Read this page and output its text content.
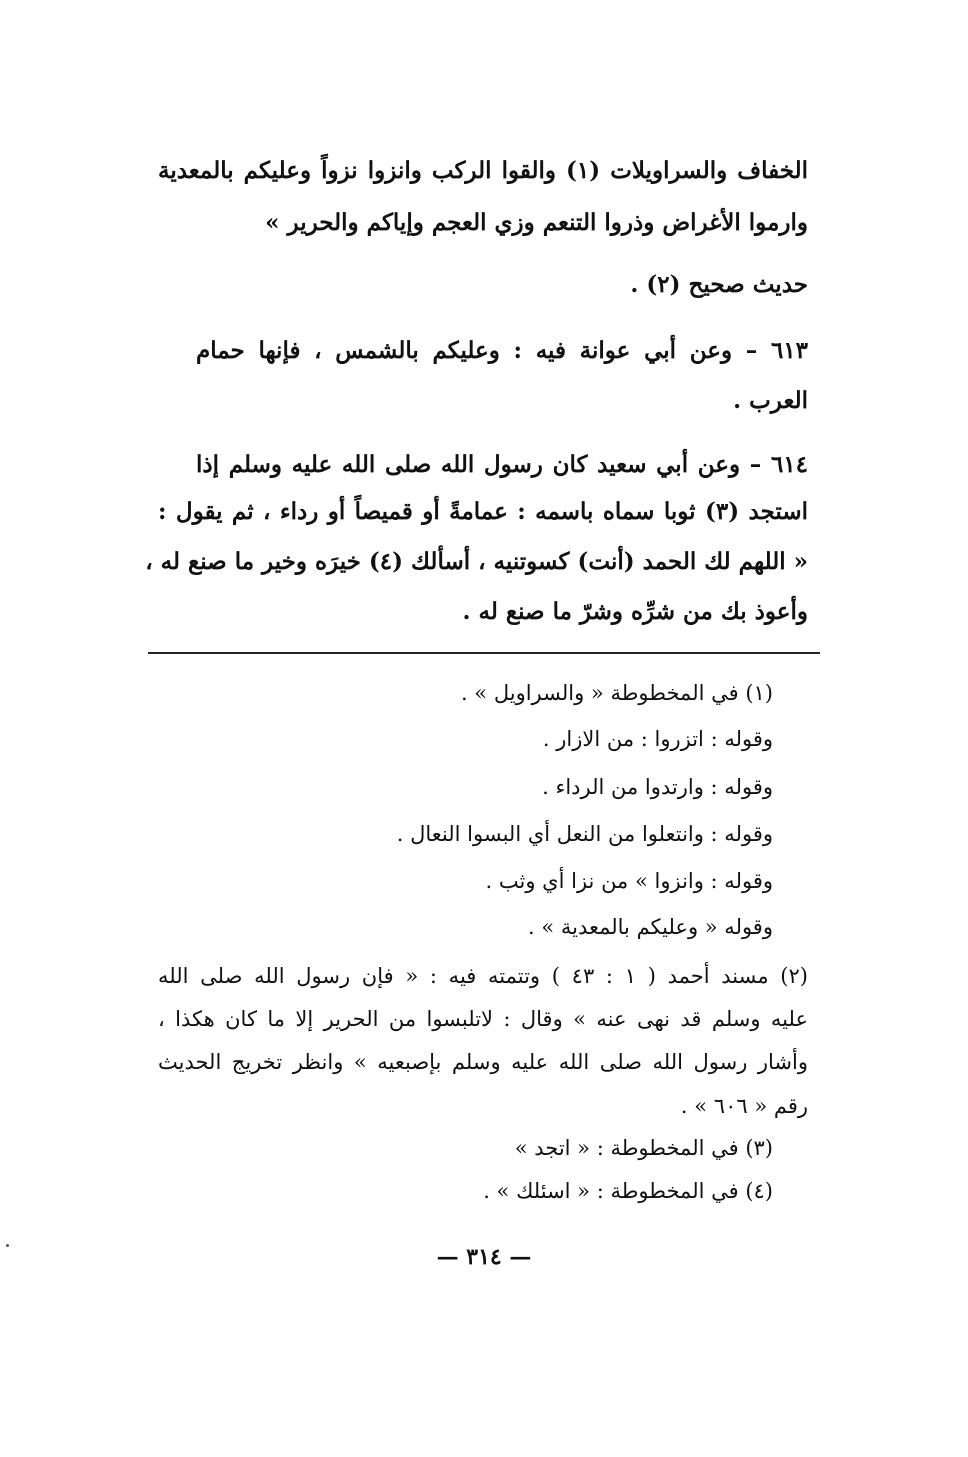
الخفاف والسراويلات (١) والقوا الركب وانزوا نزواً وعليكم بالمعدية
وارموا الأغراض وذروا التنعم وزي العجم وإياكم والحرير »
حديث صحيح (٢) .
٦١٣ – وعن أبي عوانة فيه : وعليكم بالشمس ، فإنها حمام
العرب .
٦١٤ – وعن أبي سعيد كان رسول الله صلى الله عليه وسلم إذا
استجد (٣) ثوبا سماه باسمه : عمامةً أو قميصاً أو رداء ، ثم يقول :
« اللهم لك الحمد (أنت) كسوتنيه ، أسألك (٤) خيرَه وخير ما صنع له ،
وأعوذ بك من شرِّه وشرّ ما صنع له .
(١) في المخطوطة « والسراويل » .
وقوله : اتزروا : من الازار .
وقوله : وارتدوا من الرداء .
وقوله : وانتعلوا من النعل أي البسوا النعال .
وقوله : وانزوا » من نزا أي وثب .
وقوله « وعليكم بالمعدية » .
(٢) مسند أحمد ( ١ : ٤٣ ) وتتمته فيه : « فإن رسول الله صلى الله
عليه وسلم قد نهى عنه » وقال : لاتلبسوا من الحرير إلا ما كان هكذا ،
وأشار رسول الله صلى الله عليه وسلم بإصبعيه » وانظر تخريج الحديث
رقم « ٦٠٦ » .
(٣) في المخطوطة : « اتجد »
(٤) في المخطوطة : « اسئلك » .
— ٣١٤ —
